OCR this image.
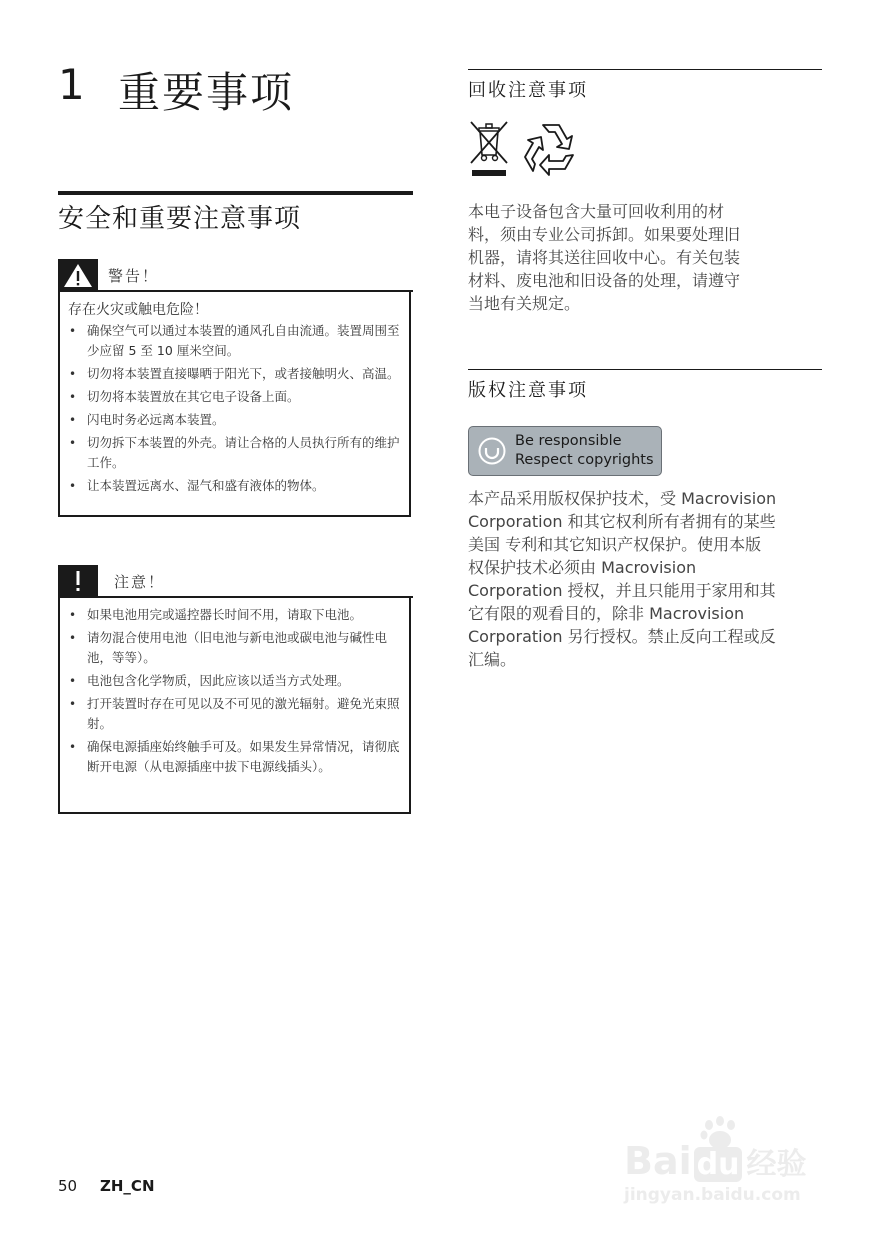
1 重要事项
安全和重要注意事项
警告！
存在火灾或触电危险！
• 确保空气可以通过本装置的通风孔自由流通。装置周围至少应留 5 至 10 厘米空间。
• 切勿将本装置直接曝晒于阳光下，或者接触明火、高温。
• 切勿将本装置放在其它电子设备上面。
• 闪电时务必远离本装置。
• 切勿拆下本装置的外壳。请让合格的人员执行所有的维护工作。
• 让本装置远离水、湿气和盛有液体的物体。
注意！
• 如果电池用完或遥控器长时间不用，请取下电池。
• 请勿混合使用电池（旧电池与新电池或碳电池与碱性电池，等等）。
• 电池包含化学物质，因此应该以适当方式处理。
• 打开装置时存在可见以及不可见的激光辐射。避免光束照射。
• 确保电源插座始终触手可及。如果发生异常情况，请彻底断开电源（从电源插座中拔下电源线插头）。
回收注意事项

本电子设备包含大量可回收利用的材

料，须由专业公司拆卸。如果要处理旧

机器，请将其送往回收中心。有关包装

材料、废电池和旧设备的处理，请遵守

当地有关规定。

版权注意事项
Be responsible
Respect copyrights

本产品采用版权保护技术，受 Macrovision

Corporation 和其它权利所有者拥有的某些

美国 专利和其它知识产权保护。使用本版

权保护技术必须由 Macrovision

Corporation 授权，并且只能用于家用和其

它有限的观看目的，除非 Macrovision

Corporation 另行授权。禁止反向工程或反

汇编。

50 ZH_CN
Bai du 经验
jingyan.baidu.com
